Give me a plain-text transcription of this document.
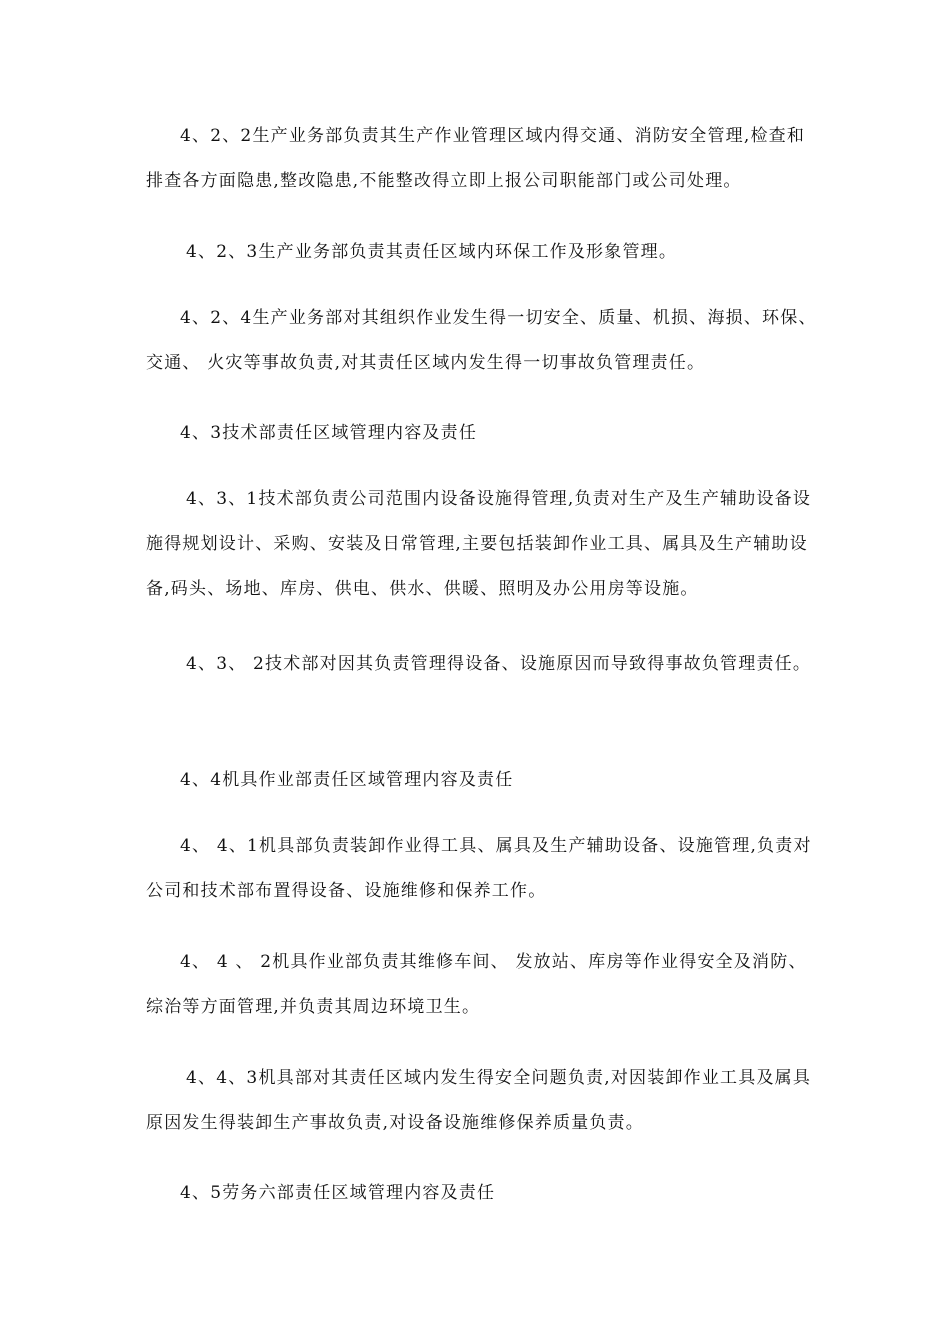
4、2、2生产业务部负责其生产作业管理区域内得交通、消防安全管理,检查和排查各方面隐患,整改隐患,不能整改得立即上报公司职能部门或公司处理。

4、2、3生产业务部负责其责任区域内环保工作及形象管理。

4、2、4生产业务部对其组织作业发生得一切安全、质量、机损、海损、环保、 交通、 火灾等事故负责,对其责任区域内发生得一切事故负管理责任。

4、3技术部责任区域管理内容及责任

4、3、1技术部负责公司范围内设备设施得管理,负责对生产及生产辅助设备设施得规划设计、采购、安装及日常管理,主要包括装卸作业工具、属具及生产辅助设备,码头、场地、库房、供电、供水、供暖、照明及办公用房等设施。

4、3、 2技术部对因其负责管理得设备、设施原因而导致得事故负管理责任。

4、4机具作业部责任区域管理内容及责任

4、 4、1机具部负责装卸作业得工具、属具及生产辅助设备、设施管理,负责对公司和技术部布置得设备、设施维修和保养工作。

4、 4 、 2机具作业部负责其维修车间、 发放站、库房等作业得安全及消防、综治等方面管理,并负责其周边环境卫生。

4、4、3机具部对其责任区域内发生得安全问题负责,对因装卸作业工具及属具原因发生得装卸生产事故负责,对设备设施维修保养质量负责。

4、5劳务六部责任区域管理内容及责任
